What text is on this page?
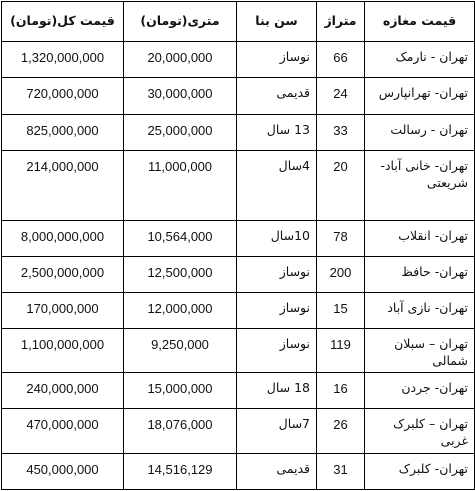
قیمت مغازه	متراژ	سن بنا	متری(تومان)	قیمت کل(تومان)
تهران - نارمک	66	نوساز	20,000,000	1,320,000,000
تهران- تهرانپارس	24	قدیمی	30,000,000	720,000,000
تهران - رسالت	33	13 سال	25,000,000	825,000,000
تهران- خانی آباد- شریعتی	20	4سال	11,000,000	214,000,000
تهران- انقلاب	78	10سال	10,564,000	8,000,000,000
تهران- حافظ	200	نوساز	12,500,000	2,500,000,000
تهران- نازی آباد	15	نوساز	12,000,000	170,000,000
تهران – سبلان شمالی	119	نوساز	9,250,000	1,100,000,000
تهران- جردن	16	18 سال	15,000,000	240,000,000
تهران – کلبرک غربی	26	7سال	18,076,000	470,000,000
تهران- کلبرک	31	قدیمی	14,516,129	450,000,000
